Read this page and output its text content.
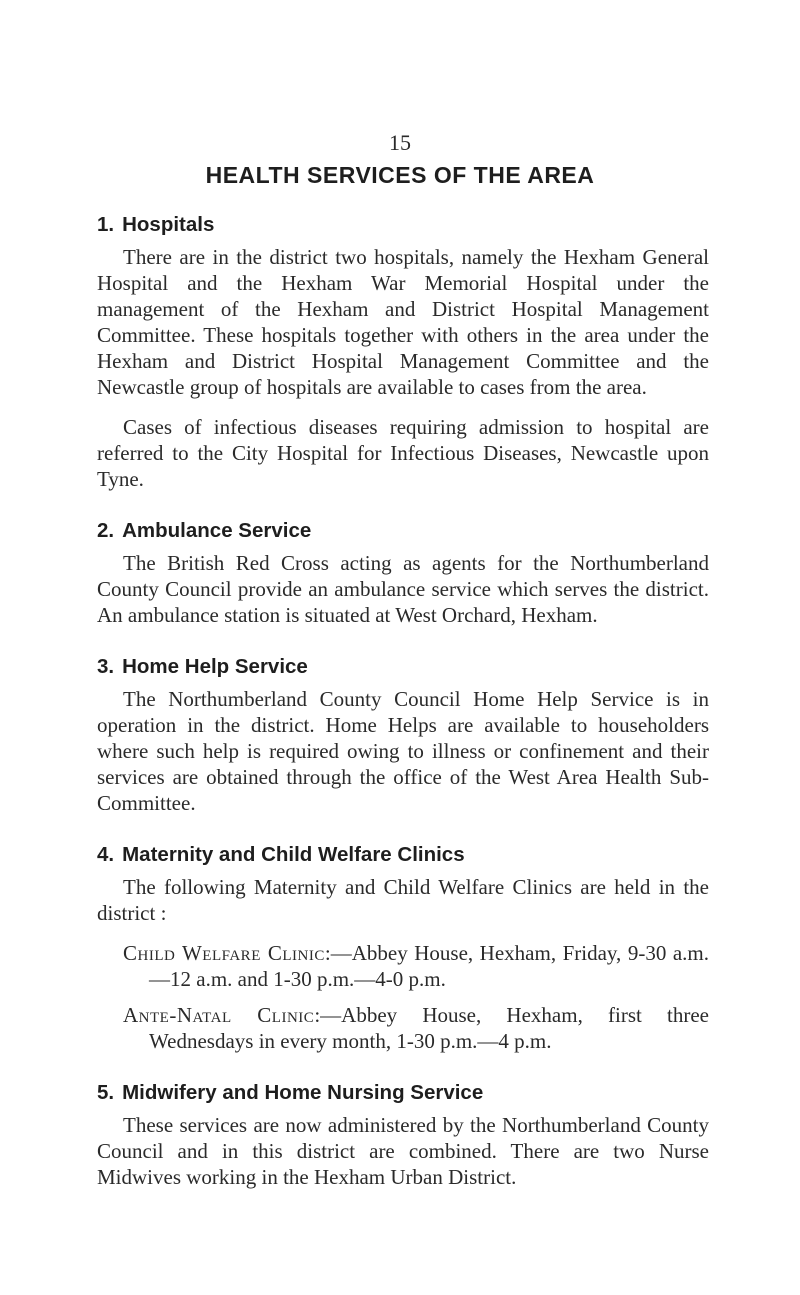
15
HEALTH SERVICES OF THE AREA
1. Hospitals

There are in the district two hospitals, namely the Hexham General Hospital and the Hexham War Memorial Hospital under the management of the Hexham and District Hospital Management Committee. These hospitals together with others in the area under the Hexham and District Hospital Management Committee and the Newcastle group of hospitals are available to cases from the area.

Cases of infectious diseases requiring admission to hospital are referred to the City Hospital for Infectious Diseases, Newcastle upon Tyne.

2. Ambulance Service

The British Red Cross acting as agents for the Northumberland County Council provide an ambulance service which serves the district. An ambulance station is situated at West Orchard, Hexham.

3. Home Help Service

The Northumberland County Council Home Help Service is in operation in the district. Home Helps are available to householders where such help is required owing to illness or confinement and their services are obtained through the office of the West Area Health Sub-Committee.

4. Maternity and Child Welfare Clinics

The following Maternity and Child Welfare Clinics are held in the district :

Child Welfare Clinic:—Abbey House, Hexham, Friday, 9-30 a.m.—12 a.m. and 1-30 p.m.—4-0 p.m.
Ante-Natal Clinic:—Abbey House, Hexham, first three Wednesdays in every month, 1-30 p.m.—4 p.m.
5. Midwifery and Home Nursing Service

These services are now administered by the Northumberland County Council and in this district are combined. There are two Nurse Midwives working in the Hexham Urban District.
